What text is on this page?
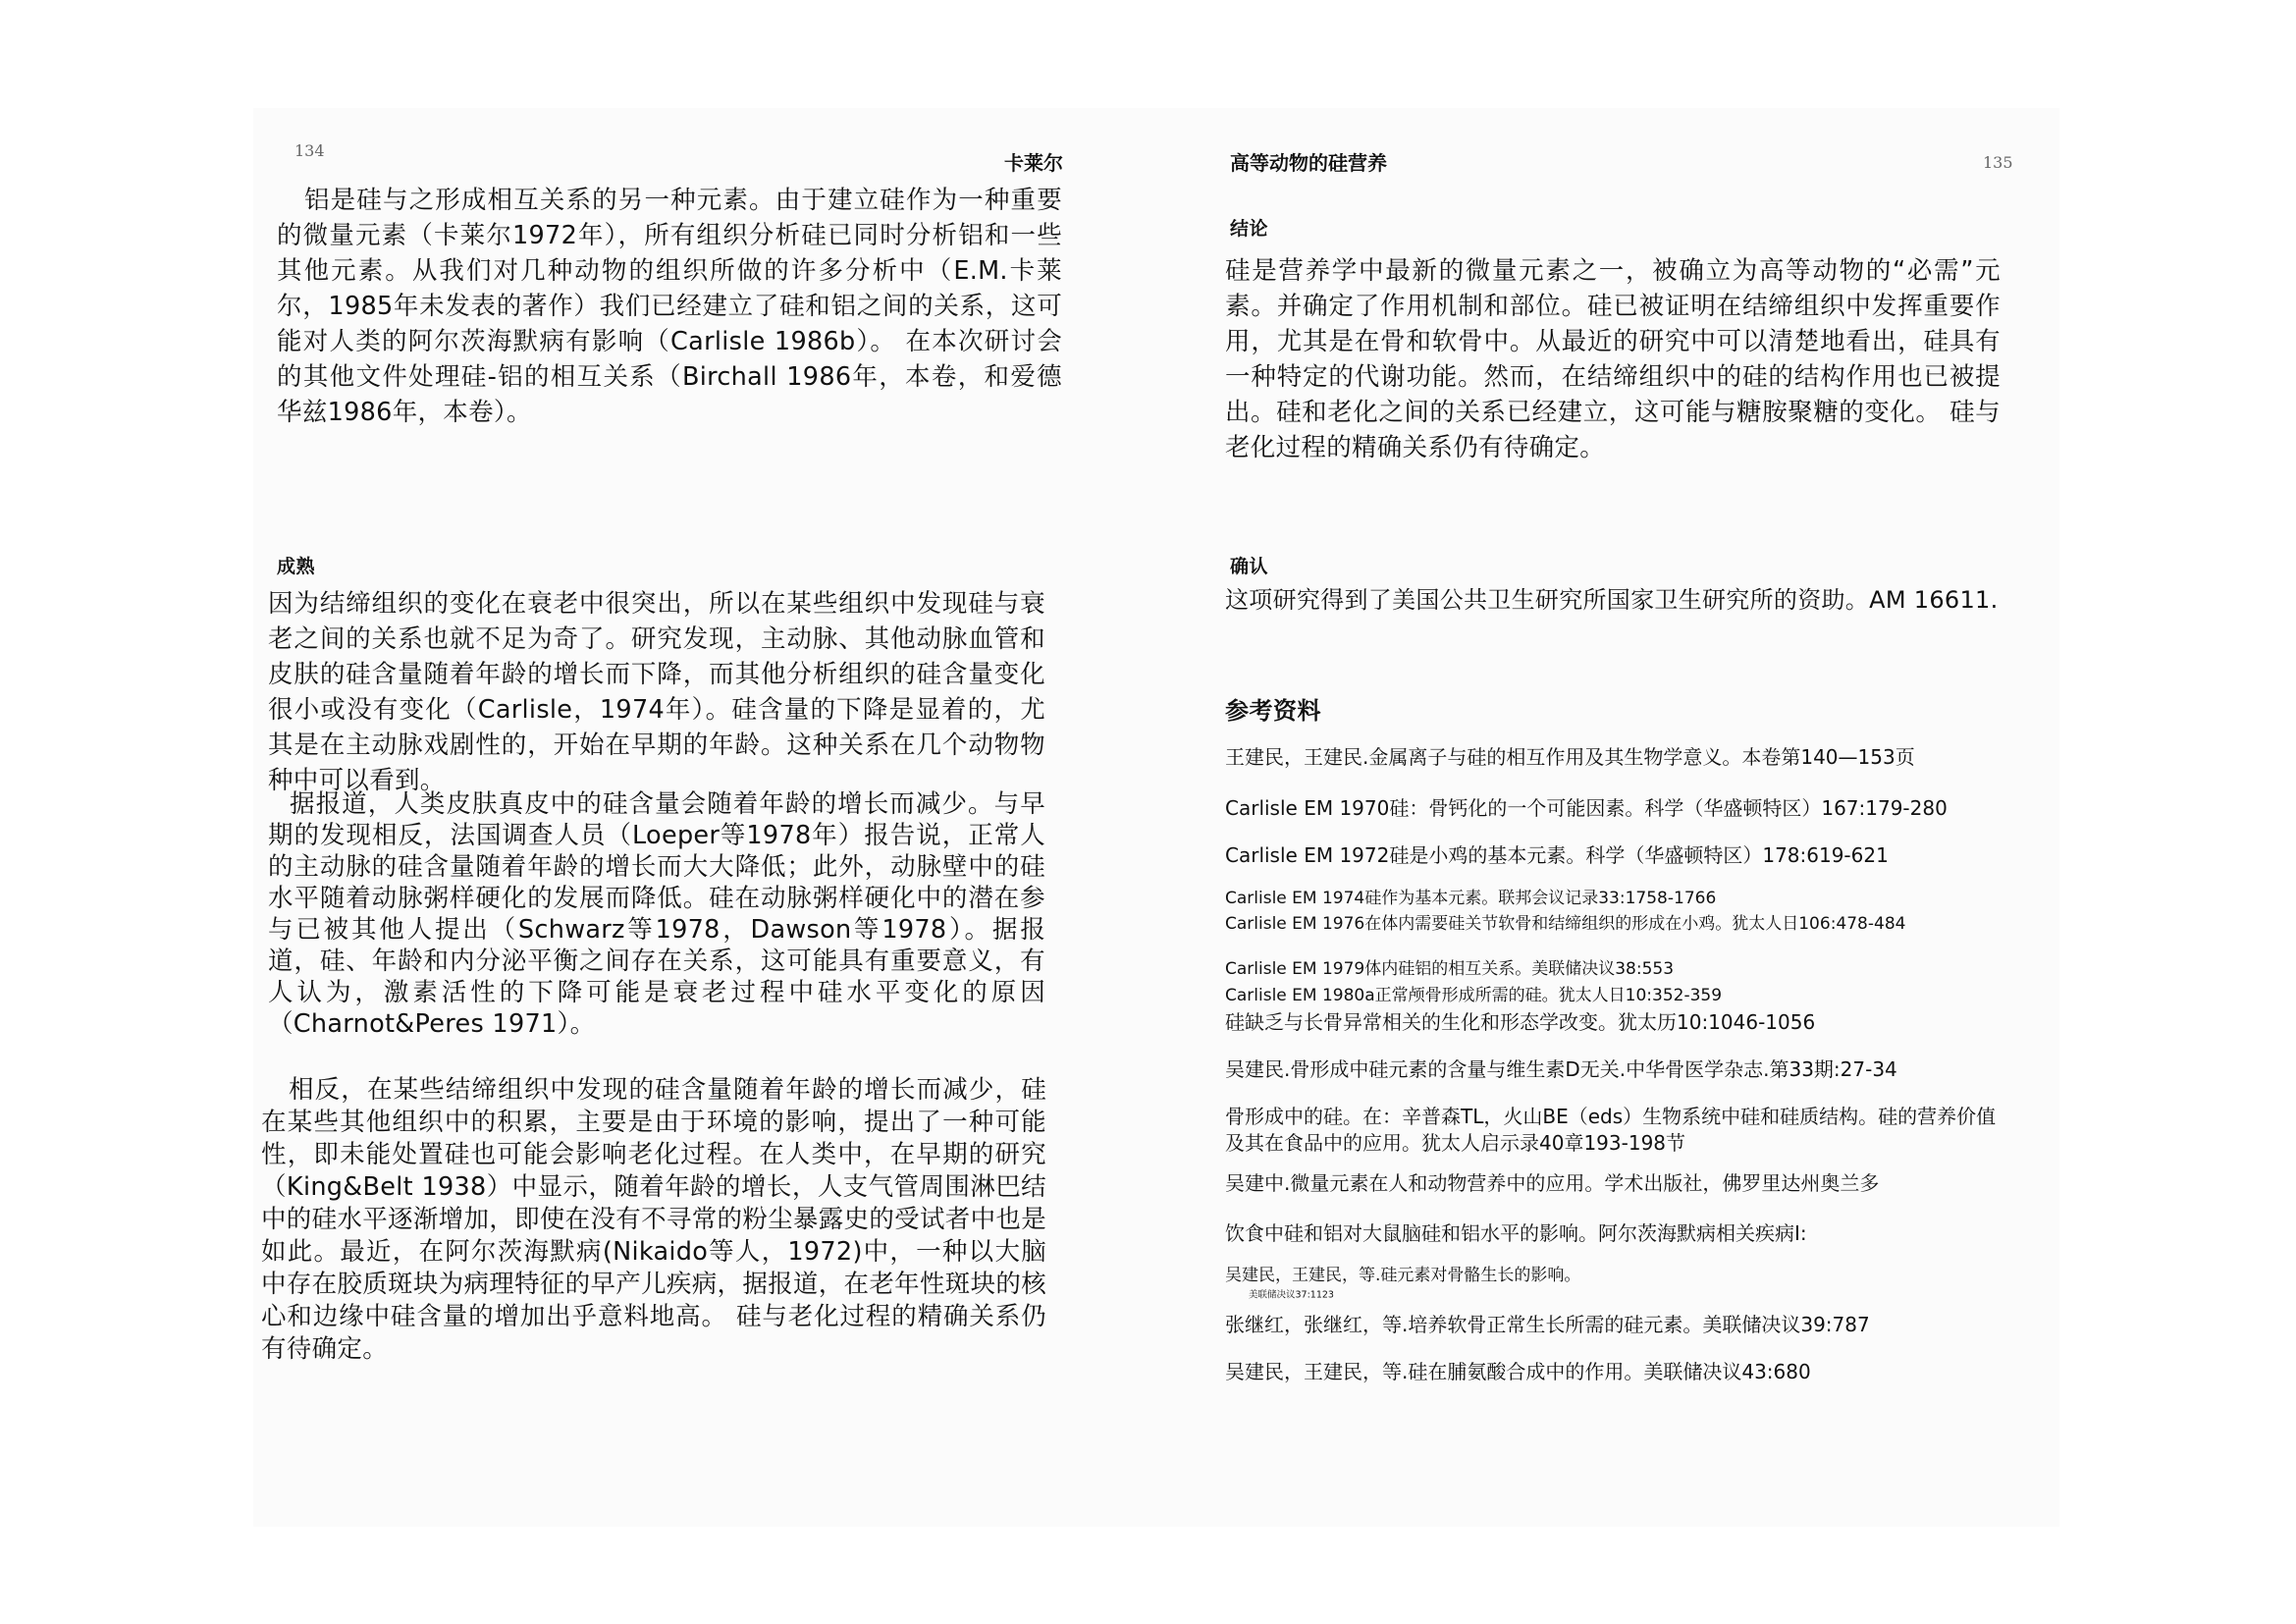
134
卡莱尔

铝是硅与之形成相互关系的另一种元素。由于建立硅作为一种重要的微量元素（卡莱尔1972年），所有组织分析硅已同时分析铝和一些其他元素。从我们对几种动物的组织所做的许多分析中（E.M.卡莱尔，1985年未发表的著作）我们已经建立了硅和铝之间的关系，这可能对人类的阿尔茨海默病有影响（Carlisle 1986b）。 在本次研讨会的其他文件处理硅-铝的相互关系（Birchall 1986年，本卷，和爱德华兹1986年，本卷）。

成熟

因为结缔组织的变化在衰老中很突出，所以在某些组织中发现硅与衰老之间的关系也就不足为奇了。研究发现，主动脉、其他动脉血管和皮肤的硅含量随着年龄的增长而下降，而其他分析组织的硅含量变化很小或没有变化（Carlisle，1974年）。硅含量的下降是显着的，尤其是在主动脉戏剧性的，开始在早期的年龄。这种关系在几个动物物种中可以看到。

据报道，人类皮肤真皮中的硅含量会随着年龄的增长而减少。与早期的发现相反，法国调查人员（Loeper等1978年）报告说，正常人的主动脉的硅含量随着年龄的增长而大大降低；此外，动脉壁中的硅水平随着动脉粥样硬化的发展而降低。硅在动脉粥样硬化中的潜在参与已被其他人提出（Schwarz等1978，Dawson等1978）。据报道，硅、年龄和内分泌平衡之间存在关系，这可能具有重要意义，有人认为，激素活性的下降可能是衰老过程中硅水平变化的原因（Charnot&Peres 1971）。

相反，在某些结缔组织中发现的硅含量随着年龄的增长而减少，硅在某些其他组织中的积累，主要是由于环境的影响，提出了一种可能性，即未能处置硅也可能会影响老化过程。在人类中，在早期的研究（King&Belt 1938）中显示，随着年龄的增长，人支气管周围淋巴结中的硅水平逐渐增加，即使在没有不寻常的粉尘暴露史的受试者中也是如此。最近，在阿尔茨海默病(Nikaido等人，1972)中，一种以大脑中存在胶质斑块为病理特征的早产儿疾病，据报道，在老年性斑块的核心和边缘中硅含量的增加出乎意料地高。 硅与老化过程的精确关系仍有待确定。

高等动物的硅营养	135
结论

硅是营养学中最新的微量元素之一，被确立为高等动物的“必需”元素。并确定了作用机制和部位。硅已被证明在结缔组织中发挥重要作用，尤其是在骨和软骨中。从最近的研究中可以清楚地看出，硅具有一种特定的代谢功能。然而，在结缔组织中的硅的结构作用也已被提出。硅和老化之间的关系已经建立，这可能与糖胺聚糖的变化。 硅与老化过程的精确关系仍有待确定。

确认

这项研究得到了美国公共卫生研究所国家卫生研究所的资助。AM 16611.

参考资料
王建民，王建民.金属离子与硅的相互作用及其生物学意义。本卷第140—153页
Carlisle EM 1970硅：骨钙化的一个可能因素。科学（华盛顿特区）167:179-280
Carlisle EM 1972硅是小鸡的基本元素。科学（华盛顿特区）178:619-621
Carlisle EM 1974硅作为基本元素。联邦会议记录33:1758-1766
Carlisle EM 1976在体内需要硅关节软骨和结缔组织的形成在小鸡。犹太人日106:478-484
Carlisle EM 1979体内硅铝的相互关系。美联储决议38:553
Carlisle EM 1980a正常颅骨形成所需的硅。犹太人日10:352-359
硅缺乏与长骨异常相关的生化和形态学改变。犹太历10:1046-1056
吴建民.骨形成中硅元素的含量与维生素D无关.中华骨医学杂志.第33期:27-34
骨形成中的硅。在：辛普森TL，火山BE（eds）生物系统中硅和硅质结构。硅的营养价值及其在食品中的应用。犹太人启示录40章193-198节
吴建中.微量元素在人和动物营养中的应用。学术出版社，佛罗里达州奥兰多
饮食中硅和铝对大鼠脑硅和铝水平的影响。阿尔茨海默病相关疾病I:
吴建民，王建民，等.硅元素对骨骼生长的影响。
美联储决议37:1123
张继红，张继红，等.培养软骨正常生长所需的硅元素。美联储决议39:787
吴建民，王建民，等.硅在脯氨酸合成中的作用。美联储决议43:680
